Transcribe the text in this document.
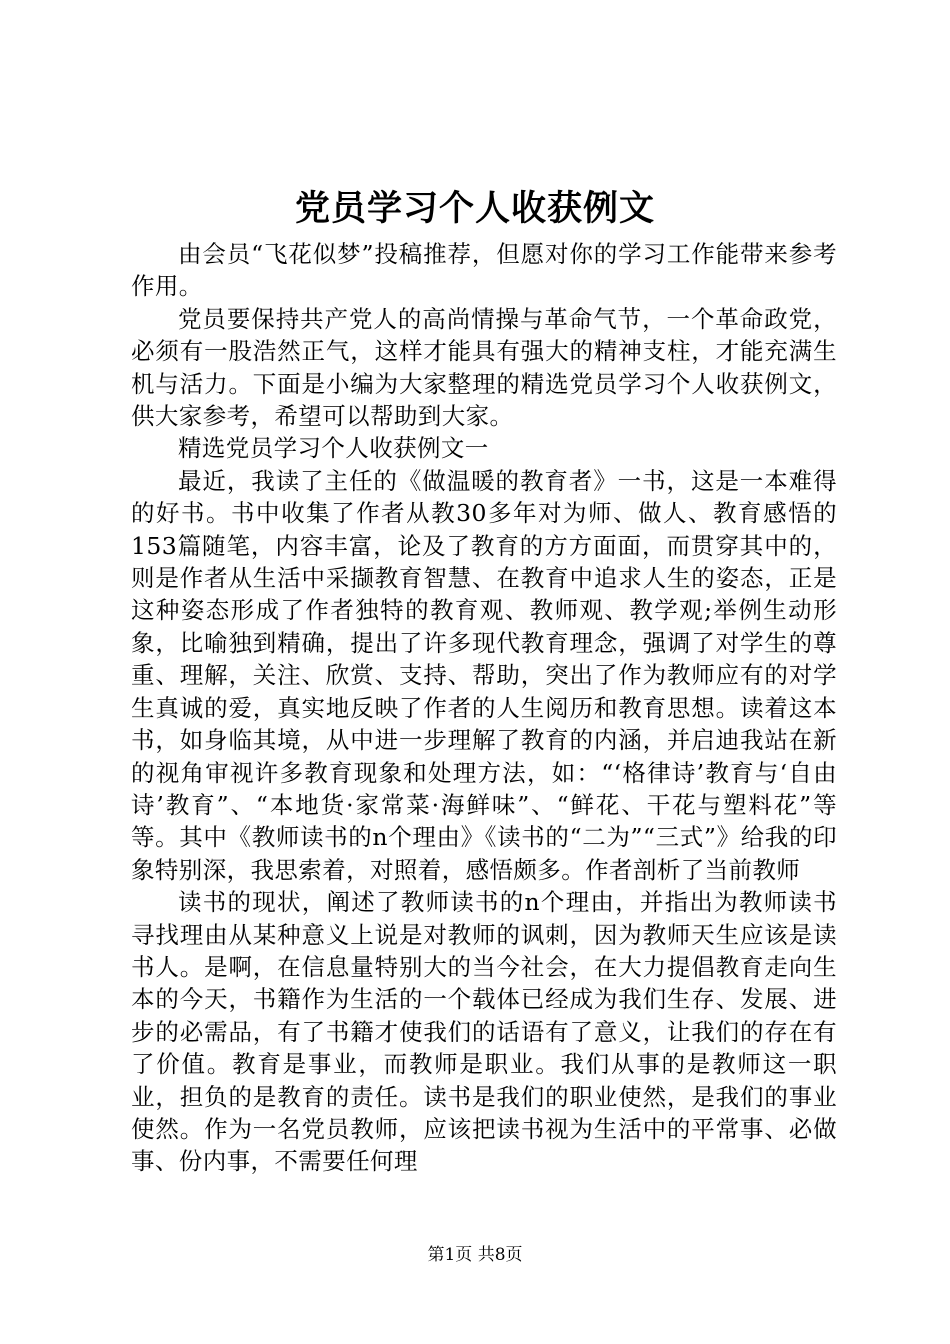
党员学习个人收获例文

由会员“飞花似梦”投稿推荐，但愿对你的学习工作能带来参考作用。

党员要保持共产党人的高尚情操与革命气节，一个革命政党，必须有一股浩然正气，这样才能具有强大的精神支柱，才能充满生机与活力。下面是小编为大家整理的精选党员学习个人收获例文，供大家参考，希望可以帮助到大家。

精选党员学习个人收获例文一

最近，我读了主任的《做温暖的教育者》一书，这是一本难得的好书。书中收集了作者从教30多年对为师、做人、教育感悟的153篇随笔，内容丰富，论及了教育的方方面面，而贯穿其中的，则是作者从生活中采撷教育智慧、在教育中追求人生的姿态，正是这种姿态形成了作者独特的教育观、教师观、教学观;举例生动形象，比喻独到精确，提出了许多现代教育理念，强调了对学生的尊重、理解，关注、欣赏、支持、帮助，突出了作为教师应有的对学生真诚的爱，真实地反映了作者的人生阅历和教育思想。读着这本书，如身临其境，从中进一步理解了教育的内涵，并启迪我站在新的视角审视许多教育现象和处理方法，如：“‘格律诗’教育与‘自由诗’教育”、“本地货·家常菜·海鲜味”、“鲜花、干花与塑料花”等等。其中《教师读书的n个理由》《读书的“二为”“三式”》给我的印象特别深，我思索着，对照着，感悟颇多。作者剖析了当前教师

读书的现状，阐述了教师读书的n个理由，并指出为教师读书寻找理由从某种意义上说是对教师的讽刺，因为教师天生应该是读书人。是啊，在信息量特别大的当今社会，在大力提倡教育走向生本的今天，书籍作为生活的一个载体已经成为我们生存、发展、进步的必需品，有了书籍才使我们的话语有了意义，让我们的存在有了价值。教育是事业，而教师是职业。我们从事的是教师这一职业，担负的是教育的责任。读书是我们的职业使然，是我们的事业使然。作为一名党员教师，应该把读书视为生活中的平常事、必做事、份内事，不需要任何理

第1页 共8页
